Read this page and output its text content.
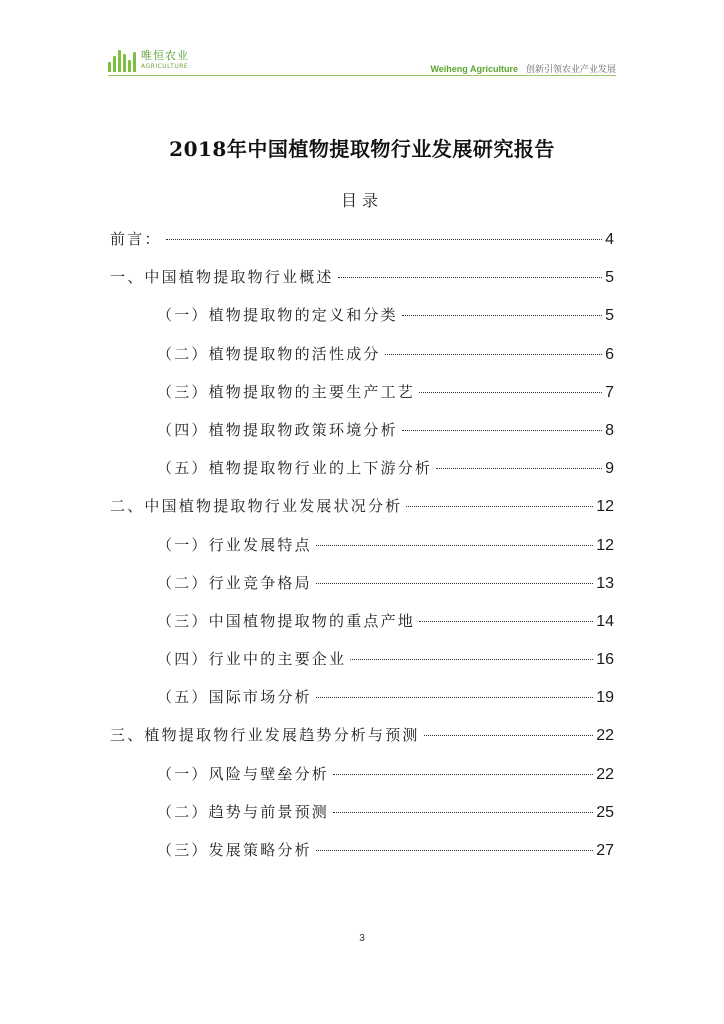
唯恒农业
AGRICULTURE	Weiheng Agriculture 创新引领农业产业发展
2018年中国植物提取物行业发展研究报告
目录
前言：	4
一、中国植物提取物行业概述	5
（一）植物提取物的定义和分类	5
（二）植物提取物的活性成分	6
（三）植物提取物的主要生产工艺	7
（四）植物提取物政策环境分析	8
（五）植物提取物行业的上下游分析	9
二、中国植物提取物行业发展状况分析	12
（一）行业发展特点	12
（二）行业竞争格局	13
（三）中国植物提取物的重点产地	14
（四）行业中的主要企业	16
（五）国际市场分析	19
三、植物提取物行业发展趋势分析与预测	22
（一）风险与壁垒分析	22
（二）趋势与前景预测	25
（三）发展策略分析	27
3
